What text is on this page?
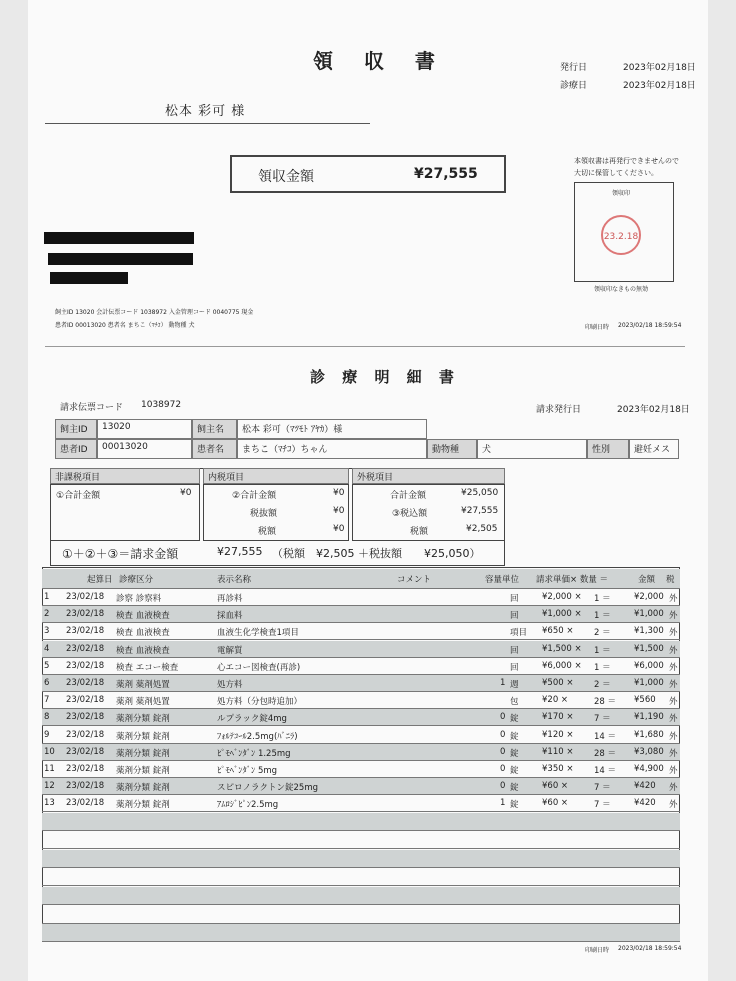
領 収 書	発行日	2023年02月18日
診療日	2023年02月18日
松本 彩可 様
領収金額	¥27,555
本領収書は再発行できませんので
大切に保管してください。
領収印
23.2.18
領収印なきもの無効
飼主ID 13020 会計伝票コード 1038972 入金管理コード 0040775 現金
患者ID 00013020 患者名 まちこ（ﾏﾁｺ） 動物種 犬	印刷日時 2023/02/18 18:59:54
診 療 明 細 書
請求伝票コード 1038972	請求発行日	2023年02月18日
飼主ID	13020	飼主名	松本 彩可（ﾏﾂﾓﾄ ｱﾔｶ）様
患者ID	00013020	患者名	まちこ（ﾏﾁｺ）ちゃん	動物種	犬	性別	避妊メス
非課税項目	内税項目	外税項目
①合計金額	¥0	②合計金額	¥0
税抜額	¥0
税額	¥0
合計金額	¥25,050
③税込額	¥27,555
税額	¥2,505
①＋②＋③＝請求金額	¥27,555 （税額　¥2,505 ＋税抜額　　¥25,050）
起算日 診療区分	表示名称	コメント	容量単位 請求単価× 数量 ＝	金額 税
1 23/02/18 診察 診察料	再診料	回	¥2,000 × 1 ＝	¥2,000 外
2 23/02/18 検査 血液検査	採血料	回	¥1,000 × 1 ＝	¥1,000 外
3 23/02/18 検査 血液検査	血液生化学検査1項目	項目 ¥650 × 2 ＝	¥1,300 外
4 23/02/18 検査 血液検査	電解質	回	¥1,500 × 1 ＝	¥1,500 外
5 23/02/18 検査 エコー検査	心エコー図検査(再診)	回	¥6,000 × 1 ＝	¥6,000 外
6 23/02/18 薬剤 薬剤処置	処方料	1 週	¥500 × 2 ＝	¥1,000 外
7 23/02/18 薬剤 薬剤処置	処方料（分包時追加）	包	¥20 ×	28 ＝ ¥560 外
8 23/02/18 薬剤分類 錠剤	ルプラック錠4mg	0 錠	¥170 × 7 ＝	¥1,190 外
9 23/02/18 薬剤分類 錠剤	ﾌｫﾙﾃｺｰﾙ2.5mg(ﾊﾞﾆﾗ)	0 錠	¥120 × 14 ＝ ¥1,680 外
10 23/02/18 薬剤分類 錠剤	ﾋﾟﾓﾍﾞﾝﾀﾞﾝ 1.25mg	0 錠	¥110 × 28 ＝ ¥3,080 外
11 23/02/18 薬剤分類 錠剤	ﾋﾟﾓﾍﾞﾝﾀﾞﾝ 5mg	0 錠	¥350 × 14 ＝ ¥4,900 外
12 23/02/18 薬剤分類 錠剤	スピロノラクトン錠25mg	0 錠	¥60 ×	7 ＝	¥420 外
13 23/02/18 薬剤分類 錠剤	ｱﾑﾛｼﾞﾋﾟﾝ2.5mg	1 錠	¥60 ×	7 ＝	¥420 外
印刷日時 2023/02/18 18:59:54
